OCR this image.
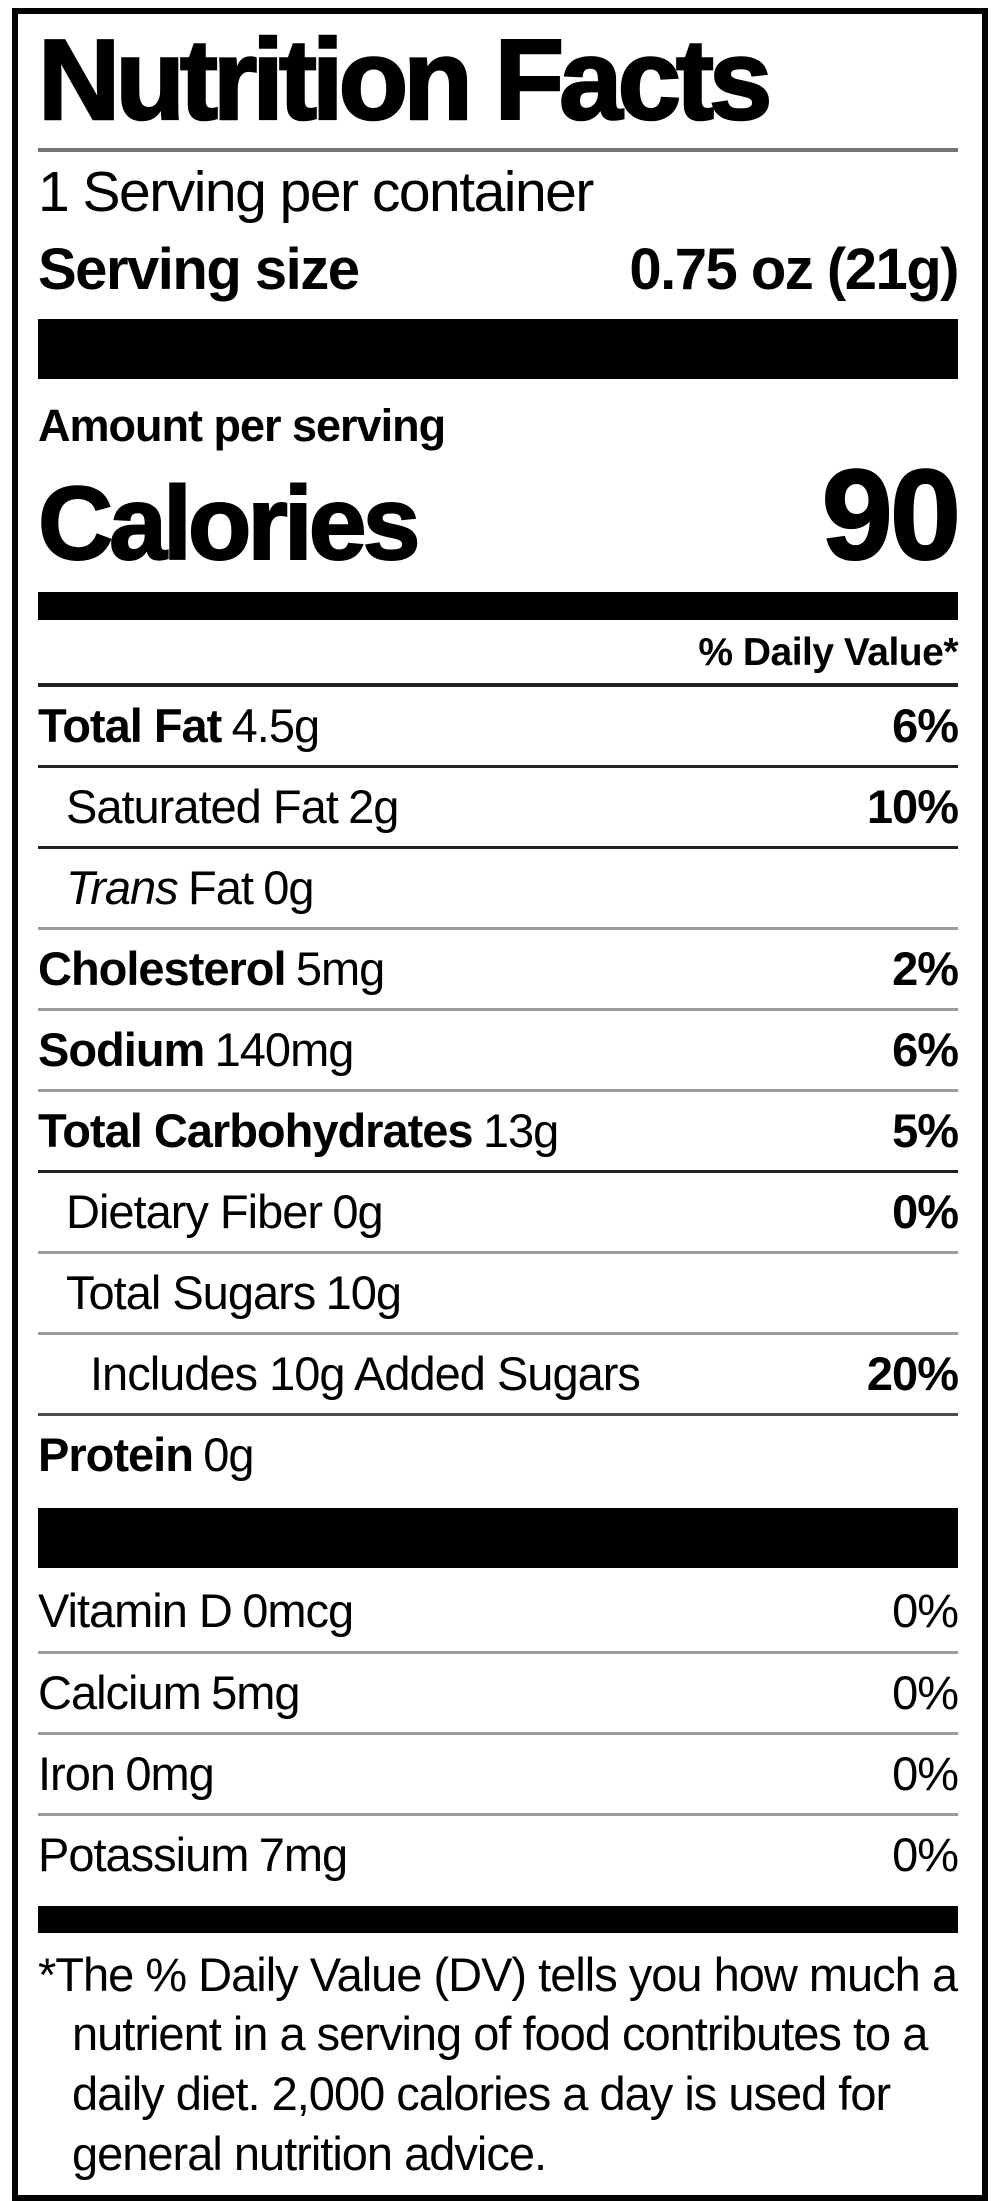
Nutrition Facts
1 Serving per container
Serving size	0.75 oz (21g)
Amount per serving
Calories	90
% Daily Value*
Total Fat 4.5g	6%
Saturated Fat 2g	10%
Trans Fat 0g
Cholesterol 5mg	2%
Sodium 140mg	6%
Total Carbohydrates 13g	5%
Dietary Fiber 0g	0%
Total Sugars 10g
Includes 10g Added Sugars	20%
Protein 0g
Vitamin D 0mcg	0%
Calcium 5mg	0%
Iron 0mg	0%
Potassium 7mg	0%
*The % Daily Value (DV) tells you how much a nutrient in a serving of food contributes to a daily diet. 2,000 calories a day is used for general nutrition advice.
